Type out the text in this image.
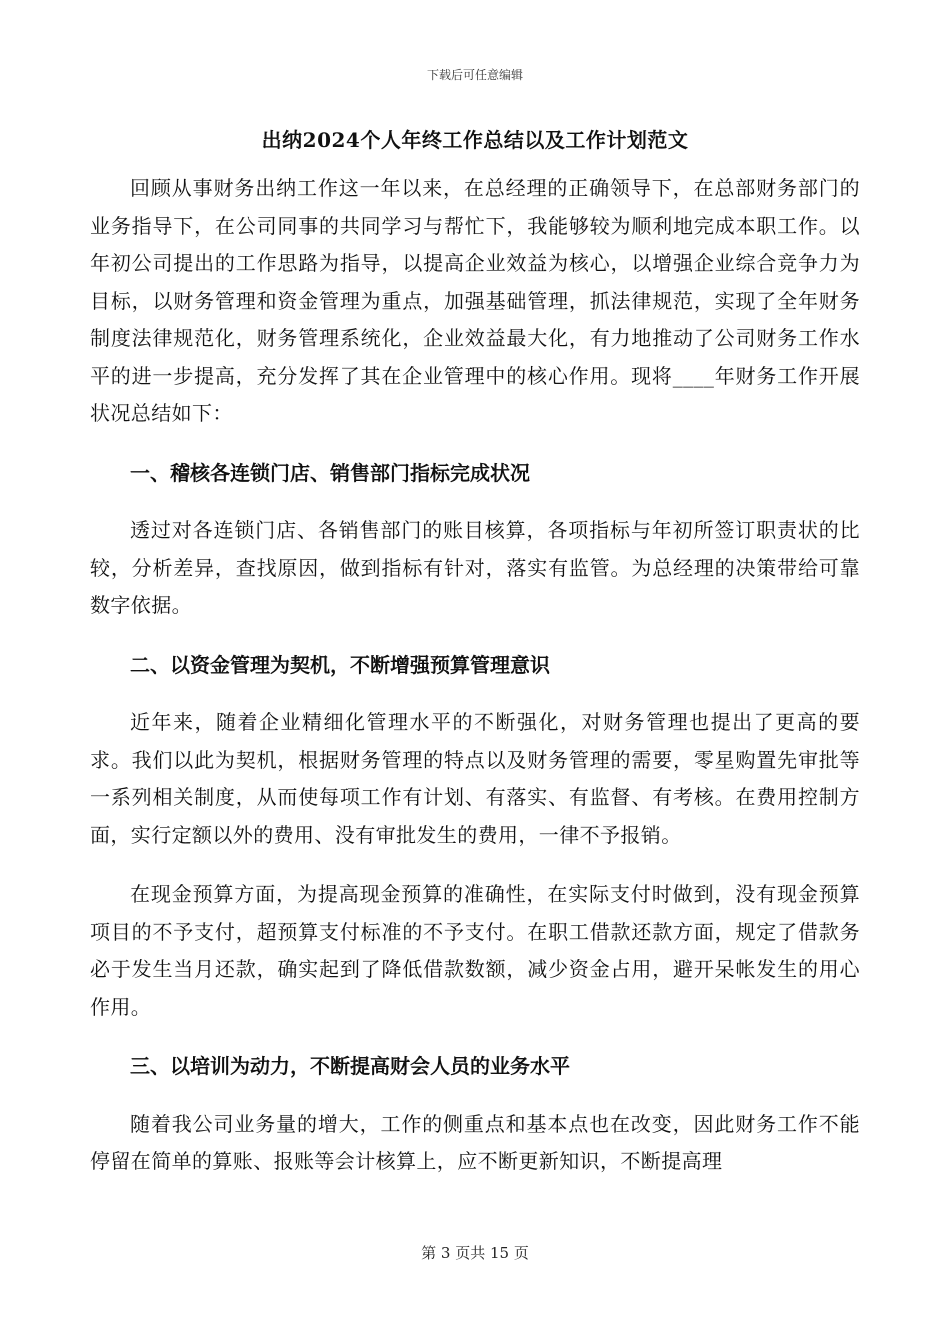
下载后可任意编辑
出纳2024个人年终工作总结以及工作计划范文

回顾从事财务出纳工作这一年以来，在总经理的正确领导下，在总部财务部门的业务指导下，在公司同事的共同学习与帮忙下，我能够较为顺利地完成本职工作。以年初公司提出的工作思路为指导，以提高企业效益为核心，以增强企业综合竞争力为目标，以财务管理和资金管理为重点，加强基础管理，抓法律规范，实现了全年财务制度法律规范化，财务管理系统化，企业效益最大化，有力地推动了公司财务工作水平的进一步提高，充分发挥了其在企业管理中的核心作用。现将____年财务工作开展状况总结如下：

一、稽核各连锁门店、销售部门指标完成状况

透过对各连锁门店、各销售部门的账目核算，各项指标与年初所签订职责状的比较，分析差异，查找原因，做到指标有针对，落实有监管。为总经理的决策带给可靠数字依据。

二、以资金管理为契机，不断增强预算管理意识

近年来，随着企业精细化管理水平的不断强化，对财务管理也提出了更高的要求。我们以此为契机，根据财务管理的特点以及财务管理的需要，零星购置先审批等一系列相关制度，从而使每项工作有计划、有落实、有监督、有考核。在费用控制方面，实行定额以外的费用、没有审批发生的费用，一律不予报销。

在现金预算方面，为提高现金预算的准确性，在实际支付时做到，没有现金预算项目的不予支付，超预算支付标准的不予支付。在职工借款还款方面，规定了借款务必于发生当月还款，确实起到了降低借款数额，减少资金占用，避开呆帐发生的用心作用。

三、以培训为动力，不断提高财会人员的业务水平

随着我公司业务量的增大，工作的侧重点和基本点也在改变，因此财务工作不能停留在简单的算账、报账等会计核算上，应不断更新知识，不断提高理

第 3 页共 15 页
